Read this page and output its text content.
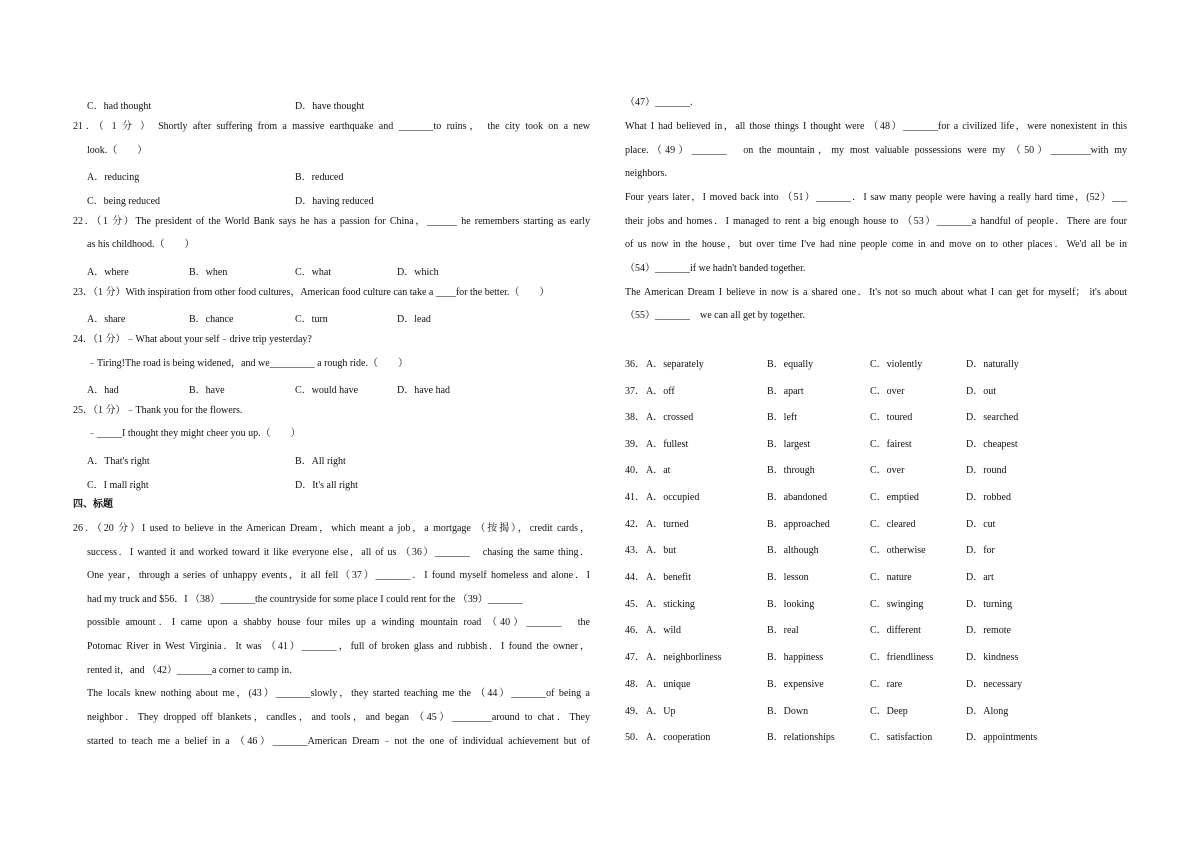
C．had thought	D．have thought
21．（ 1 分 ） Shortly after suffering from a massive earthquake and _______to ruins， the city took on a new
look.（　　）
A．reducing	B．reduced
C．being reduced	D．having reduced
22．（1 分）The president of the World Bank says he has a passion for China，______ he remembers starting as early
as his childhood.（　　）
A．where	B．when	C．what	D．which
23．（1 分）With inspiration from other food cultures，American food culture can take a ____for the better.（　　）
A．share	B．chance	C．turn	D．lead
24．（1 分）﹣What about your self﹣drive trip yesterday?
﹣Tiring!The road is being widened，and we_________ a rough ride.（　　）
A．had	B．have	C．would have	D．have had
25．（1 分）﹣Thank you for the flowers.
﹣_____I thought they might cheer you up.（　　）
A．That's right	B．All right
C．I mall right	D．It's all right
四、标题
26．（20 分）I used to believe in the American Dream，which meant a job，a mortgage （按揭），credit cards，
success．I wanted it and worked toward it like everyone else，all of us （36）_______　chasing the same thing．
One year，through a series of unhappy events，it all fell（37）_______．I found myself homeless and alone．I
had my truck and $56．I （38）_______the countryside for some place I could rent for the （39）_______
possible amount．I came upon a shabby house four miles up a winding mountain road （40）_______　the
Potomac River in West Virginia．It was （41）_______，full of broken glass and rubbish．I found the owner，
rented it，and （42）_______a corner to camp in．
The locals knew nothing about me，(43）_______slowly，they started teaching me the （44）_______of being a
neighbor．They dropped off blankets，candles，and tools，and began （45）________around to chat．They
started to teach me a belief in a （46）_______American Dream﹣not the one of individual achievement but of
（47）_______.
What I had believed in，all those things I thought were （48）_______for a civilized life，were nonexistent in this
place.（49）_______　on the mountain，my most valuable possessions were my （50）________with my
neighbors.
Four years later，I moved back into （51）_______．I saw many people were having a really hard time，(52）___
their jobs and homes．I managed to rent a big enough house to （53）_______a handful of people．There are four
of us now in the house，but over time I've had nine people come in and move on to other places．We'd all be in
（54）_______if we hadn't banded together.
The American Dream I believe in now is a shared one．It's not so much about what I can get for myself； it's about
（55）_______　we can all get by together.
36． A．separately	B．equally	C．violently	D．naturally
37． A．off	B．apart	C．over	D．out
38． A．crossed	B．left	C．toured	D．searched
39． A．fullest	B．largest	C．fairest	D．cheapest
40． A．at	B．through	C．over	D．round
41． A．occupied	B．abandoned	C．emptied	D．robbed
42． A．turned	B．approached	C．cleared	D．cut
43． A．but	B．although	C．otherwise	D．for
44． A．benefit	B．lesson	C．nature	D．art
45． A．sticking	B．looking	C．swinging	D．turning
46． A．wild	B．real	C．different	D．remote
47． A．neighborliness	B．happiness	C．friendliness	D．kindness
48． A．unique	B．expensive	C．rare	D．necessary
49． A．Up	B．Down	C．Deep	D．Along
50． A．cooperation	B．relationships	C．satisfaction	D．appointments
